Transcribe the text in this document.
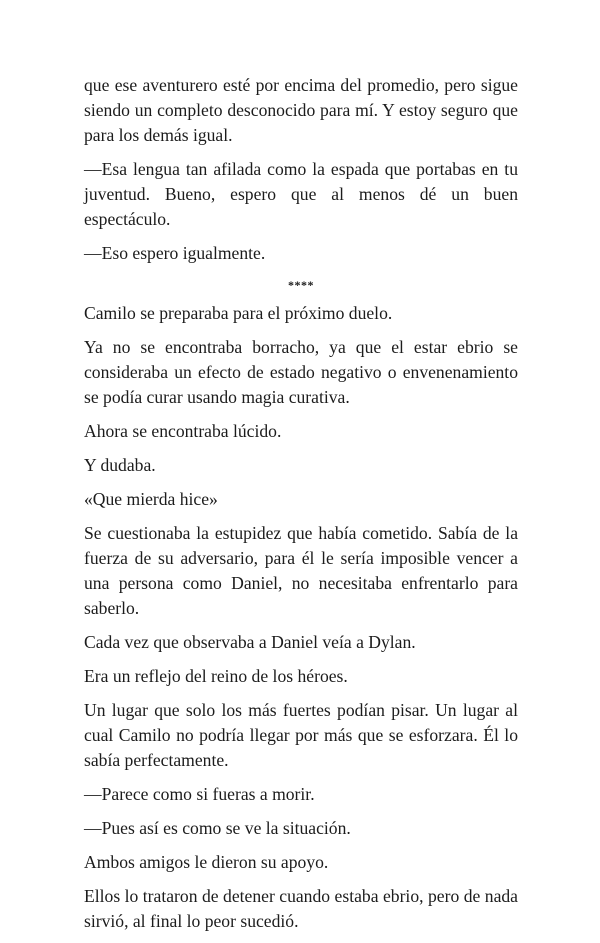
que ese aventurero esté por encima del promedio, pero sigue siendo un completo desconocido para mí. Y estoy seguro que para los demás igual.

—Esa lengua tan afilada como la espada que portabas en tu juventud. Bueno, espero que al menos dé un buen espectáculo.

—Eso espero igualmente.

****

Camilo se preparaba para el próximo duelo.

Ya no se encontraba borracho, ya que el estar ebrio se consideraba un efecto de estado negativo o envenenamiento se podía curar usando magia curativa.

Ahora se encontraba lúcido.

Y dudaba.

«Que mierda hice»

Se cuestionaba la estupidez que había cometido. Sabía de la fuerza de su adversario, para él le sería imposible vencer a una persona como Daniel, no necesitaba enfrentarlo para saberlo.

Cada vez que observaba a Daniel veía a Dylan.

Era un reflejo del reino de los héroes.

Un lugar que solo los más fuertes podían pisar. Un lugar al cual Camilo no podría llegar por más que se esforzara. Él lo sabía perfectamente.

—Parece como si fueras a morir.

—Pues así es como se ve la situación.

Ambos amigos le dieron su apoyo.

Ellos lo trataron de detener cuando estaba ebrio, pero de nada sirvió, al final lo peor sucedió.
